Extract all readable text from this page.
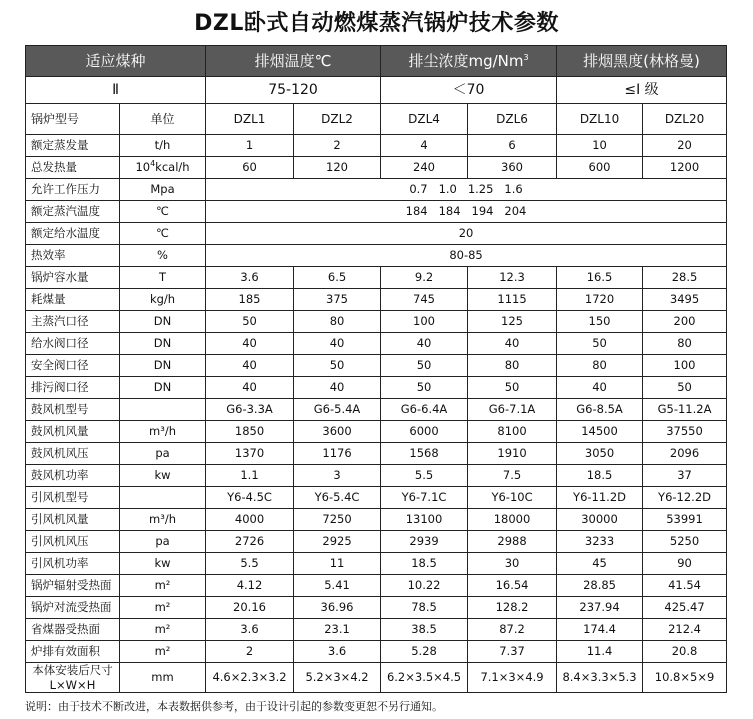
DZL卧式自动燃煤蒸汽锅炉技术参数
适应煤种		排烟温度℃		排尘浓度mg/Nm$^3$		排烟黑度(林格曼)	
Ⅱ		75-120		＜70		≤Ⅰ 级	
锅炉型号	单位	DZL1	DZL2	DZL4	DZL6	DZL10	DZL20
额定蒸发量	t/h	1	2	4	6	10	20
总发热量	$10^4kcal/h$	60	120	240	360	600	1200
允许工作压力	Mpa	0.7   1.0   1.25   1.6					
额定蒸汽温度	℃	184   184   194   204					
额定给水温度	℃	20					
热效率	%	80-85					
锅炉容水量	T	3.6	6.5	9.2	12.3	16.5	28.5
耗煤量	kg/h	185	375	745	1115	1720	3495
主蒸汽口径	DN	50	80	100	125	150	200
给水阀口径	DN	40	40	40	40	50	80
安全阀口径	DN	40	50	50	80	80	100
排污阀口径	DN	40	40	50	50	40	50
鼓风机型号		G6-3.3A	G6-5.4A	G6-6.4A	G6-7.1A	G6-8.5A	G5-11.2A
鼓风机风量	m³/h	1850	3600	6000	8100	14500	37550
鼓风机风压	pa	1370	1176	1568	1910	3050	2096
鼓风机功率	kw	1.1	3	5.5	7.5	18.5	37
引风机型号		Y6-4.5C	Y6-5.4C	Y6-7.1C	Y6-10C	Y6-11.2D	Y6-12.2D
引风机风量	m³/h	4000	7250	13100	18000	30000	53991
引风机风压	pa	2726	2925	2939	2988	3233	5250
引风机功率	kw	5.5	11	18.5	30	45	90
锅炉辐射受热面	m²	4.12	5.41	10.22	16.54	28.85	41.54
锅炉对流受热面	m²	20.16	36.96	78.5	128.2	237.94	425.47
省煤器受热面	m²	3.6	23.1	38.5	87.2	174.4	212.4
炉排有效面积	m²	2	3.6	5.28	7.37	11.4	20.8
本体安装后尺寸
L×W×H	mm	4.6×2.3×3.2	5.2×3×4.2	6.2×3.5×4.5	7.1×3×4.9	8.4×3.3×5.3	10.8×5×9
说明：由于技术不断改进，本表数据供参考，由于设计引起的参数变更恕不另行通知。
